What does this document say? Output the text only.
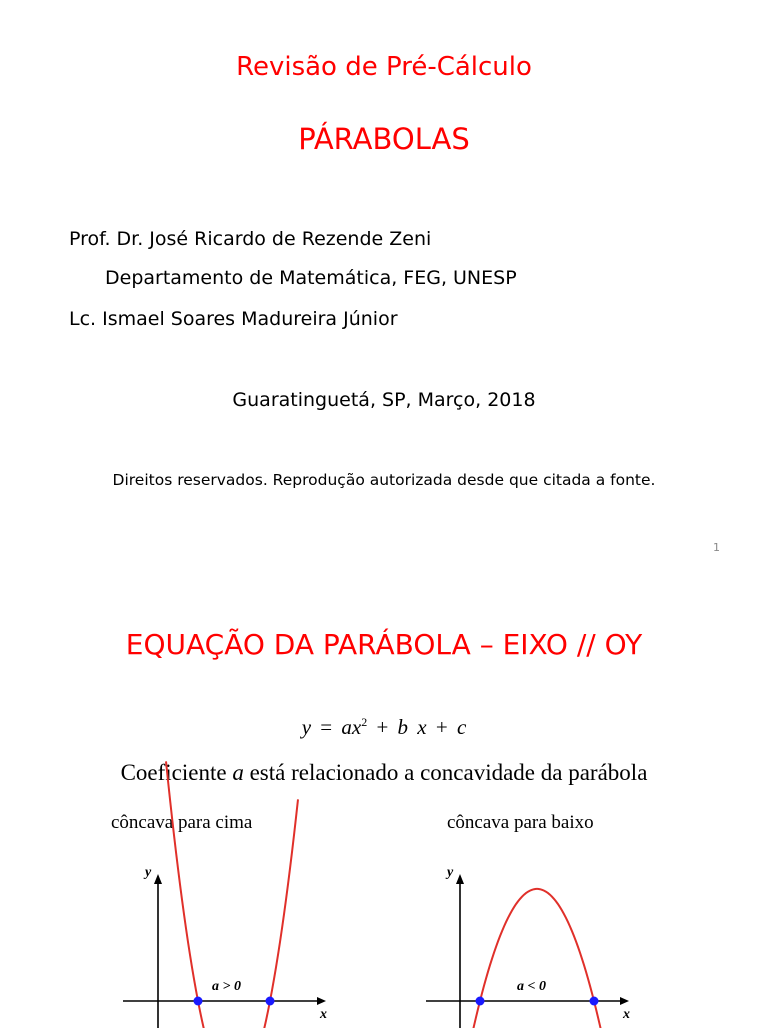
Revisão de Pré-Cálculo
PÁRABOLAS
Prof. Dr. José Ricardo de Rezende Zeni
Departamento de Matemática, FEG, UNESP
Lc. Ismael Soares Madureira Júnior
Guaratinguetá, SP, Março, 2018
Direitos reservados. Reprodução autorizada desde que citada a fonte.
1
EQUAÇÃO DA PARÁBOLA – EIXO // OY
$y = ax^2 + b$ x + c
Coeficiente a está relacionado a concavidade da parábola
côncava para cima	côncava para baixo
y
x
a > 0
y
x
a < 0
